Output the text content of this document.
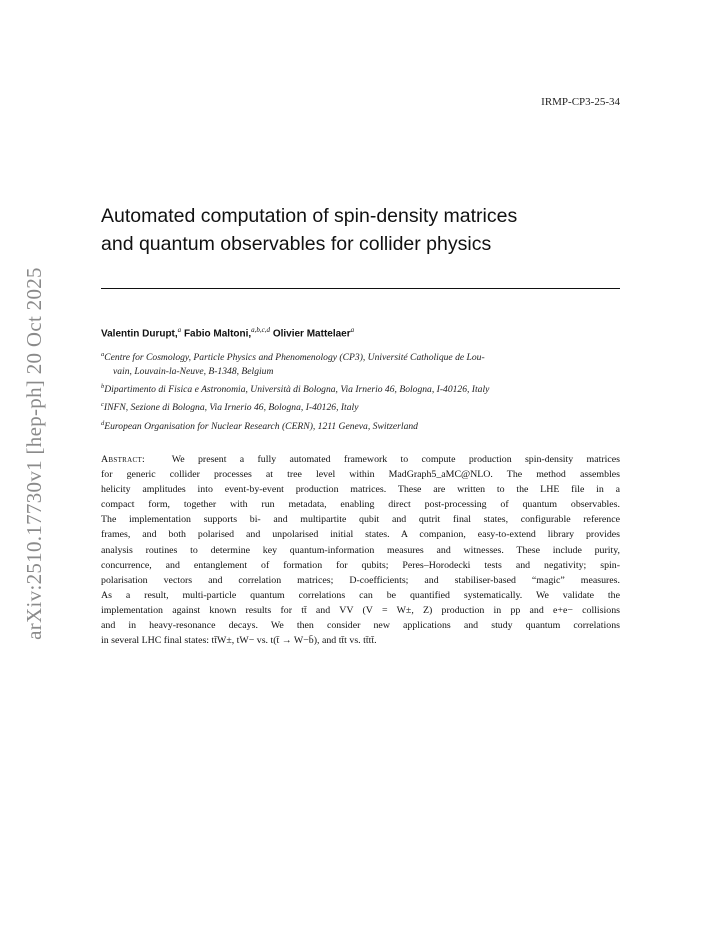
arXiv:2510.17730v1 [hep-ph] 20 Oct 2025
IRMP-CP3-25-34
Automated computation of spin-density matrices
and quantum observables for collider physics
Valentin Durupt,$^a$ Fabio Maltoni,$^{a,b,c,d}$ Olivier Mattelaer$^a$
$^a$Centre for Cosmology, Particle Physics and Phenomenology (CP3), Université Catholique de Lou-
vain, Louvain-la-Neuve, B-1348, Belgium
$^b$Dipartimento di Fisica e Astronomia, Università di Bologna, Via Irnerio 46, Bologna, I-40126, Italy
$^c$INFN, Sezione di Bologna, Via Irnerio 46, Bologna, I-40126, Italy
$^d$European Organisation for Nuclear Research (CERN), 1211 Geneva, Switzerland
Abstract:	We present a fully automated framework to compute production spin-density matrices
for generic collider processes at tree level within MadGraph5_aMC@NLO. The method assembles
helicity amplitudes into event-by-event production matrices. These are written to the LHE file in a
compact form, together with run metadata, enabling direct post-processing of quantum observables.
The implementation supports bi- and multipartite qubit and qutrit final states, configurable reference
frames, and both polarised and unpolarised initial states. A companion, easy-to-extend library provides
analysis routines to determine key quantum-information measures and witnesses. These include purity,
concurrence, and entanglement of formation for qubits; Peres–Horodecki tests and negativity; spin-
polarisation vectors and correlation matrices; D-coefficients; and stabiliser-based “magic” measures.
As a result, multi-particle quantum correlations can be quantified systematically. We validate the
implementation against known results for tt̄ and VV (V = W±, Z) production in pp and e+e− collisions
and in heavy-resonance decays. We then consider new applications and study quantum correlations
in several LHC final states: tt̄W±, tW− vs. t(t̄ → W−b̄), and tt̄t vs. tt̄tt̄.
